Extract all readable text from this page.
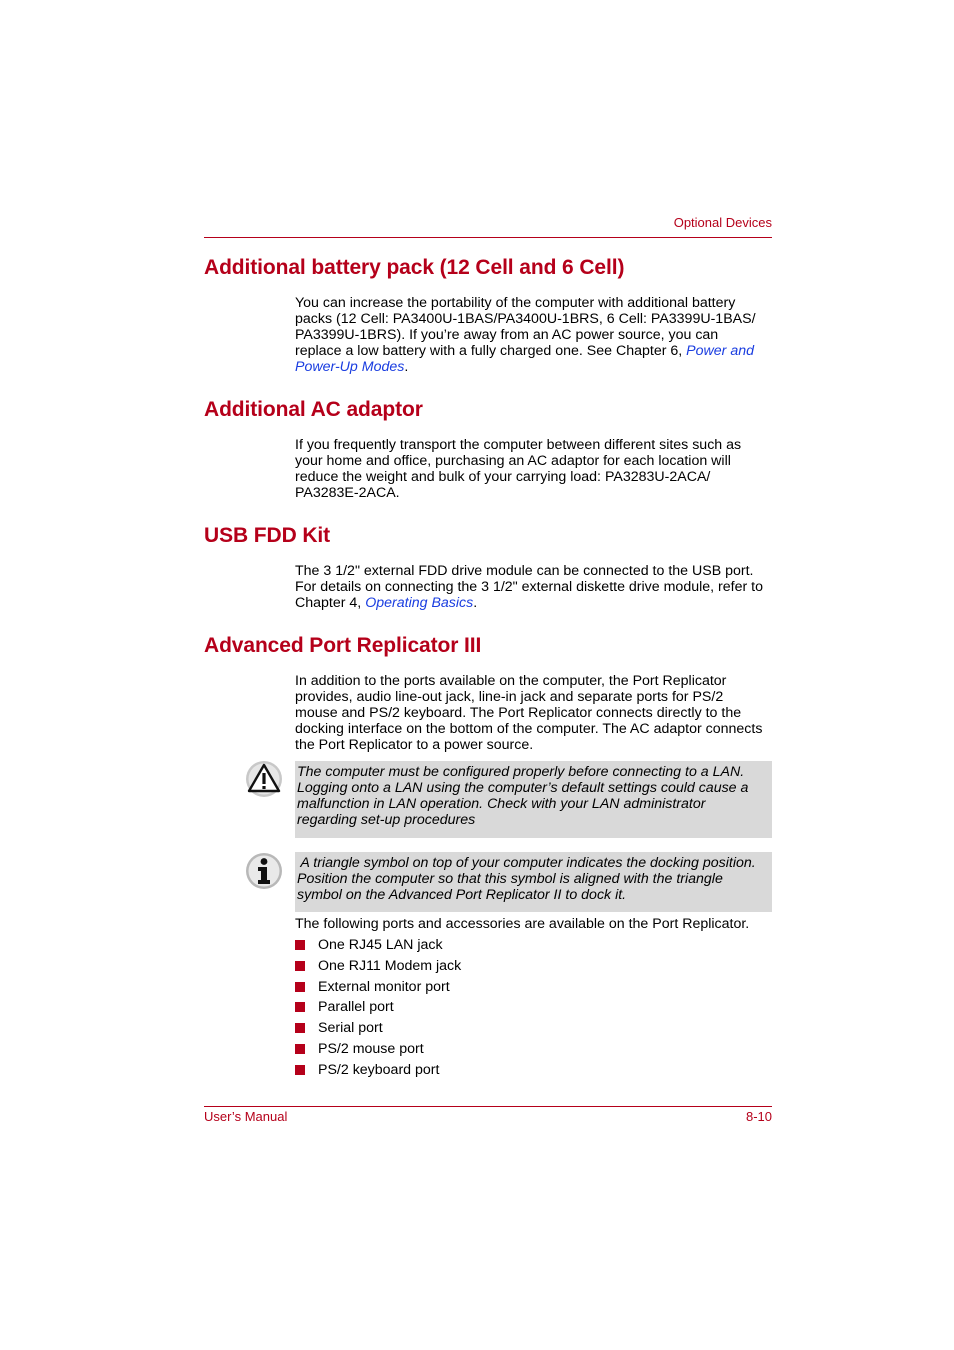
Optional Devices
Additional battery pack (12 Cell and 6 Cell)
You can increase the portability of the computer with additional battery
packs (12 Cell: PA3400U-1BAS/PA3400U-1BRS, 6 Cell: PA3399U-1BAS/
PA3399U-1BRS). If you’re away from an AC power source, you can
replace a low battery with a fully charged one. See Chapter 6, Power and
Power-Up Modes.
Additional AC adaptor
If you frequently transport the computer between different sites such as
your home and office, purchasing an AC adaptor for each location will
reduce the weight and bulk of your carrying load: PA3283U-2ACA/
PA3283E-2ACA.
USB FDD Kit
The 3 1/2" external FDD drive module can be connected to the USB port.
For details on connecting the 3 1/2" external diskette drive module, refer to
Chapter 4, Operating Basics.
Advanced Port Replicator III
In addition to the ports available on the computer, the Port Replicator
provides, audio line-out jack, line-in jack and separate ports for PS/2
mouse and PS/2 keyboard. The Port Replicator connects directly to the
docking interface on the bottom of the computer. The AC adaptor connects
the Port Replicator to a power source.
The computer must be configured properly before connecting to a LAN.
Logging onto a LAN using the computer’s default settings could cause a
malfunction in LAN operation. Check with your LAN administrator
regarding set-up procedures
A triangle symbol on top of your computer indicates the docking position.
Position the computer so that this symbol is aligned with the triangle
symbol on the Advanced Port Replicator II to dock it.
The following ports and accessories are available on the Port Replicator.
One RJ45 LAN jack
One RJ11 Modem jack
External monitor port
Parallel port
Serial port
PS/2 mouse port
PS/2 keyboard port
User’s Manual	8-10
